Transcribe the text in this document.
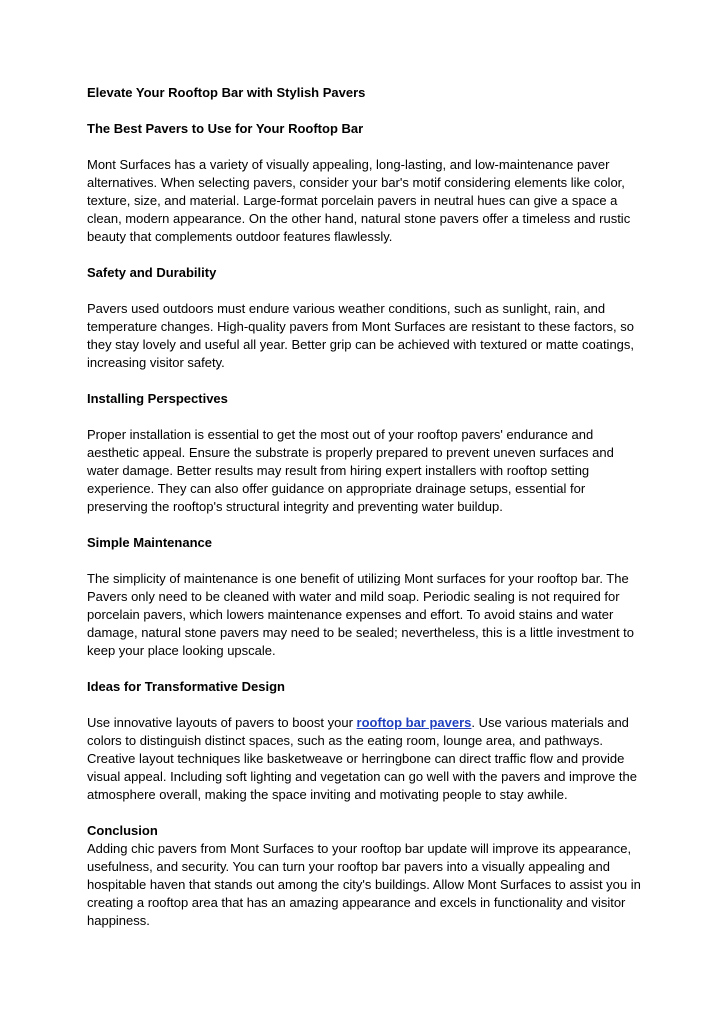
Elevate Your Rooftop Bar with Stylish Pavers

The Best Pavers to Use for Your Rooftop Bar

Mont Surfaces has a variety of visually appealing, long-lasting, and low-maintenance paver alternatives. When selecting pavers, consider your bar's motif considering elements like color, texture, size, and material. Large-format porcelain pavers in neutral hues can give a space a clean, modern appearance. On the other hand, natural stone pavers offer a timeless and rustic beauty that complements outdoor features flawlessly.

Safety and Durability

Pavers used outdoors must endure various weather conditions, such as sunlight, rain, and temperature changes. High-quality pavers from Mont Surfaces are resistant to these factors, so they stay lovely and useful all year. Better grip can be achieved with textured or matte coatings, increasing visitor safety.

Installing Perspectives

Proper installation is essential to get the most out of your rooftop pavers' endurance and aesthetic appeal. Ensure the substrate is properly prepared to prevent uneven surfaces and water damage. Better results may result from hiring expert installers with rooftop setting experience. They can also offer guidance on appropriate drainage setups, essential for preserving the rooftop's structural integrity and preventing water buildup.

Simple Maintenance

The simplicity of maintenance is one benefit of utilizing Mont surfaces for your rooftop bar. The Pavers only need to be cleaned with water and mild soap. Periodic sealing is not required for porcelain pavers, which lowers maintenance expenses and effort. To avoid stains and water damage, natural stone pavers may need to be sealed; nevertheless, this is a little investment to keep your place looking upscale.

Ideas for Transformative Design

Use innovative layouts of pavers to boost your rooftop bar pavers. Use various materials and colors to distinguish distinct spaces, such as the eating room, lounge area, and pathways. Creative layout techniques like basketweave or herringbone can direct traffic flow and provide visual appeal. Including soft lighting and vegetation can go well with the pavers and improve the atmosphere overall, making the space inviting and motivating people to stay awhile.

Conclusion

Adding chic pavers from Mont Surfaces to your rooftop bar update will improve its appearance, usefulness, and security. You can turn your rooftop bar pavers into a visually appealing and hospitable haven that stands out among the city's buildings. Allow Mont Surfaces to assist you in creating a rooftop area that has an amazing appearance and excels in functionality and visitor happiness.
